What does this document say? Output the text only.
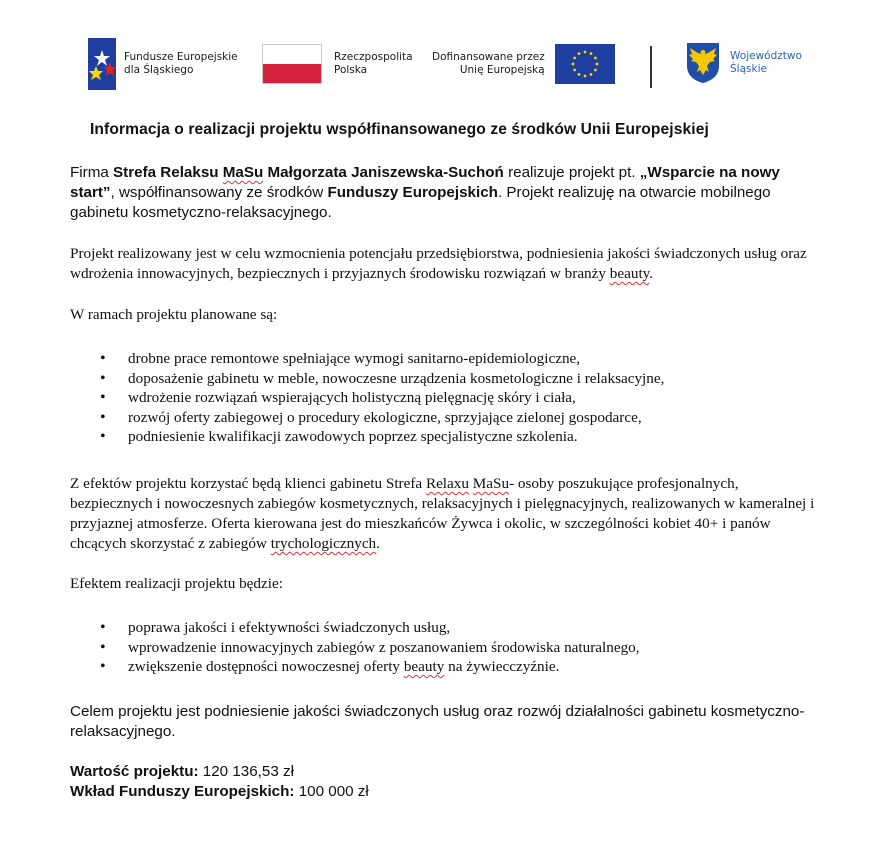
Fundusze Europejskie
dla Śląskiego
Rzeczpospolita
Polska
Dofinansowane przez
Unię Europejską
Województwo
Śląskie
Informacja o realizacji projektu współfinansowanego ze środków Unii Europejskiej

Firma Strefa Relaksu MaSu Małgorzata Janiszewska-Suchoń realizuje projekt pt. „Wsparcie na nowy start”, współfinansowany ze środków Funduszy Europejskich. Projekt realizuję na otwarcie mobilnego gabinetu kosmetyczno-relaksacyjnego.

Projekt realizowany jest w celu wzmocnienia potencjału przedsiębiorstwa, podniesienia jakości świadczonych usług oraz wdrożenia innowacyjnych, bezpiecznych i przyjaznych środowisku rozwiązań w branży beauty.

W ramach projektu planowane są:

• drobne prace remontowe spełniające wymogi sanitarno-epidemiologiczne,
• doposażenie gabinetu w meble, nowoczesne urządzenia kosmetologiczne i relaksacyjne,
• wdrożenie rozwiązań wspierających holistyczną pielęgnację skóry i ciała,
• rozwój oferty zabiegowej o procedury ekologiczne, sprzyjające zielonej gospodarce,
• podniesienie kwalifikacji zawodowych poprzez specjalistyczne szkolenia.

Z efektów projektu korzystać będą klienci gabinetu Strefa Relaxu MaSu- osoby poszukujące profesjonalnych, bezpiecznych i nowoczesnych zabiegów kosmetycznych, relaksacyjnych i pielęgnacyjnych, realizowanych w kameralnej i przyjaznej atmosferze. Oferta kierowana jest do mieszkańców Żywca i okolic, w szczególności kobiet 40+ i panów chcących skorzystać z zabiegów trychologicznych.

Efektem realizacji projektu będzie:

• poprawa jakości i efektywności świadczonych usług,
• wprowadzenie innowacyjnych zabiegów z poszanowaniem środowiska naturalnego,
• zwiększenie dostępności nowoczesnej oferty beauty na żywiecczyźnie.

Celem projektu jest podniesienie jakości świadczonych usług oraz rozwój działalności gabinetu kosmetyczno-relaksacyjnego.

Wartość projektu: 120 136,53 zł
Wkład Funduszy Europejskich: 100 000 zł
